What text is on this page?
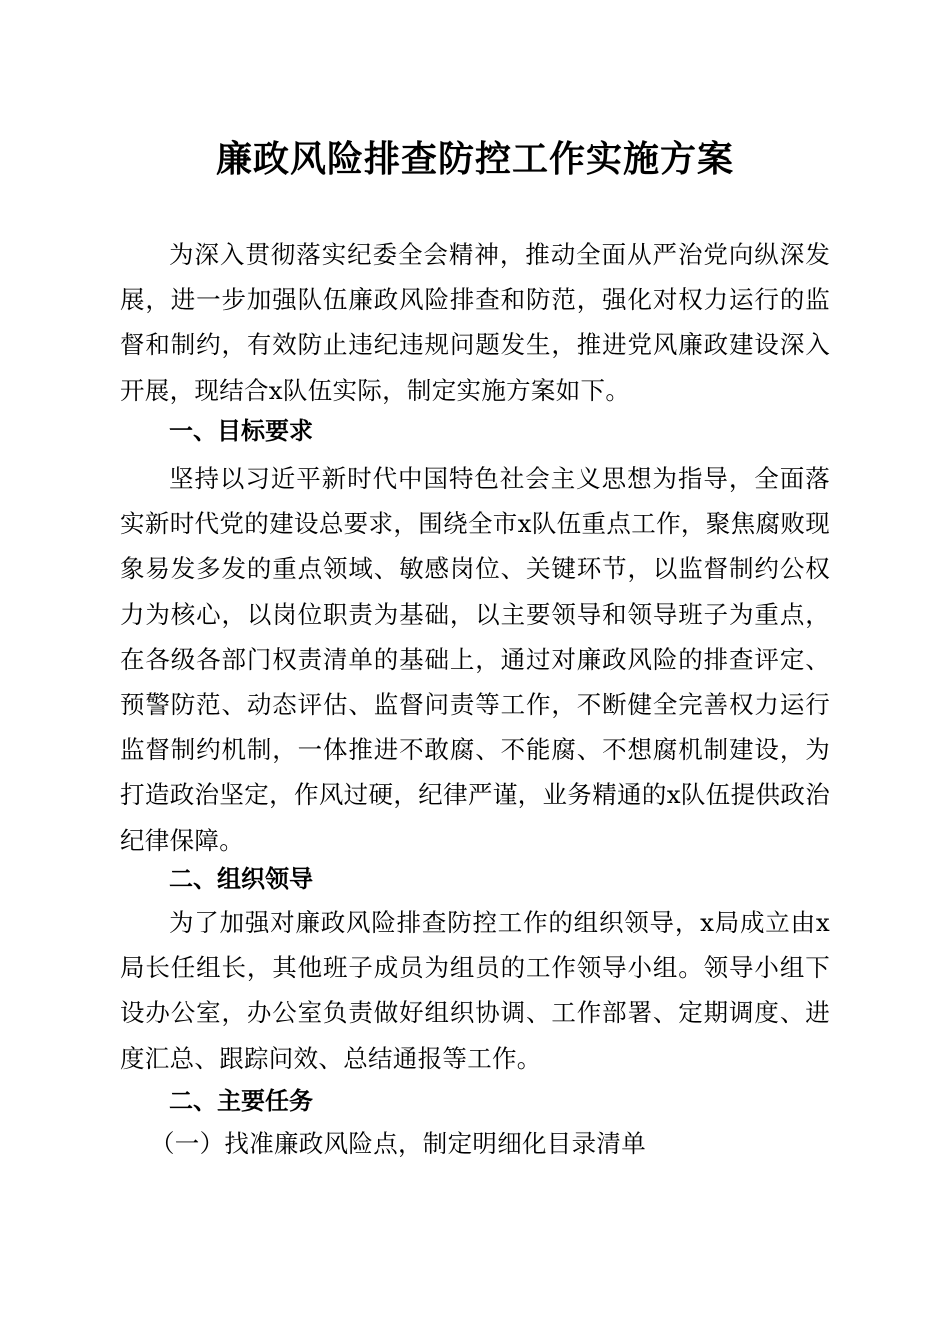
廉政风险排查防控工作实施方案

为深入贯彻落实纪委全会精神，推动全面从严治党向纵深发展，进一步加强队伍廉政风险排查和防范，强化对权力运行的监督和制约，有效防止违纪违规问题发生，推进党风廉政建设深入开展，现结合x队伍实际，制定实施方案如下。

一、目标要求

坚持以习近平新时代中国特色社会主义思想为指导，全面落实新时代党的建设总要求，围绕全市x队伍重点工作，聚焦腐败现象易发多发的重点领域、敏感岗位、关键环节，以监督制约公权力为核心，以岗位职责为基础，以主要领导和领导班子为重点，在各级各部门权责清单的基础上，通过对廉政风险的排查评定、预警防范、动态评估、监督问责等工作，不断健全完善权力运行监督制约机制，一体推进不敢腐、不能腐、不想腐机制建设，为打造政治坚定，作风过硬，纪律严谨，业务精通的x队伍提供政治纪律保障。

二、组织领导

为了加强对廉政风险排查防控工作的组织领导，x局成立由x局长任组长，其他班子成员为组员的工作领导小组。领导小组下设办公室，办公室负责做好组织协调、工作部署、定期调度、进度汇总、跟踪问效、总结通报等工作。

二、主要任务

（一）找准廉政风险点，制定明细化目录清单
